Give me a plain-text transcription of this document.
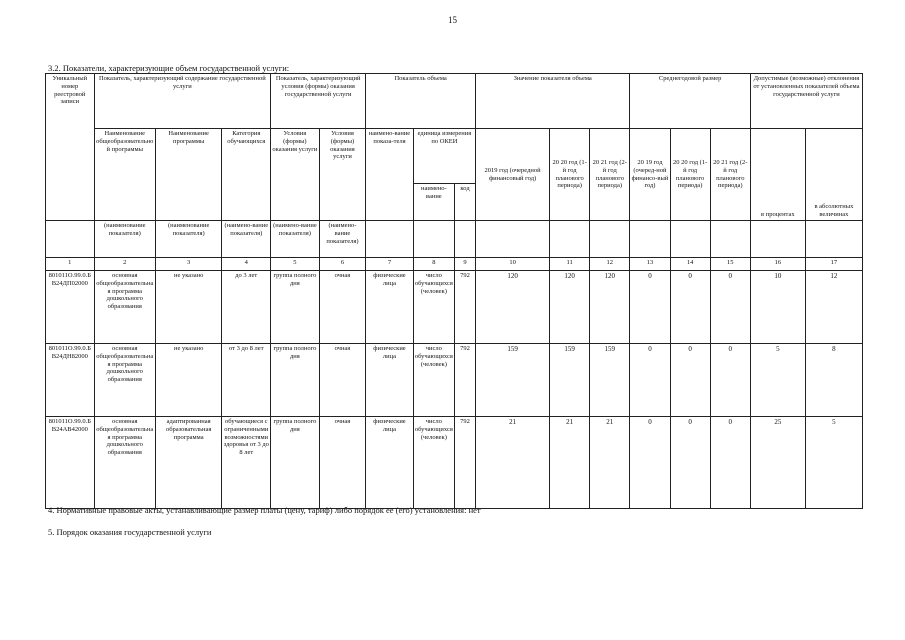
15
3.2. Показатели, характеризующие объем государственной услуги:
Уникальный номер реестровой записи	Показатель, характеризующий содержание государственной услуги			Показатель, характеризующий условия (формы) оказания государственной услуги		Показатель объема			Значение показателя объема			Среднегодовой размер			Допустимые (возможные) отклонения от установленных показателей объема государственной услуги	
	Наименование общеобразовательной программы	Наименование программы	Категория обучающихся	Условия (формы) оказания услуги	Условия (формы) оказания услуги	наимено-вание показа-теля	единица измерения по ОКЕИ		2019 год (очередной финансовый год)	20 20 год (1-й год планового периода)	20 21 год (2-й год планового периода)	20 19 год (очеред-ной финансо-вый год)	20 20 год (1-й год планового периода)	20 21 год (2-й год планового периода)	в процентах	в абсолютных величинах
							наимено-вание	код								
	(наименование показателя)	(наименование показателя)	(наимено-вание показателя)	(наимено-вание показателя)	(наимено-вание показателя)											
1	2	3	4	5	6	7	8	9	10	11	12	13	14	15	16	17
801011О.99.0.БВ24ДП02000	основная общеобразовательная программа дошкольного образования	не указано	до 3 лет	группа полного дня	очная	физические лица	число обучающихся (человек)	792	120	120	120	0	0	0	10	12
801011О.99.0.БВ24ДН82000	основная общеобразовательная программа дошкольного образования	не указано	от 3 до 8 лет	группа полного дня	очная	физические лица	число обучающихся (человек)	792	159	159	159	0	0	0	5	8
801011О.99.0.БВ24АВ42000	основная общеобразовательная программа дошкольного образования	адаптированная образовательная программа	обучающиеся с ограниченными возможностями здоровья от 3 до 8 лет	группа полного дня	очная	физические лица	число обучающихся (человек)	792	21	21	21	0	0	0	25	5
4. Нормативные правовые акты, устанавливающие размер платы (цену, тариф) либо порядок ее (его) установления: нет
5. Порядок оказания государственной услуги
